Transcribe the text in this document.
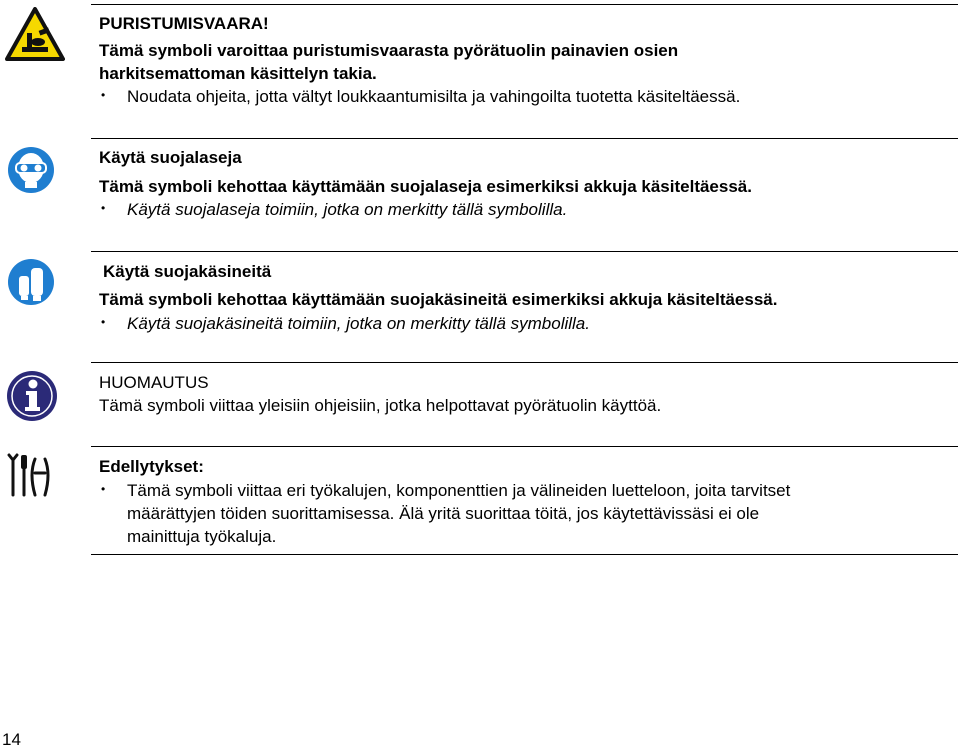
PURISTUMISVAARA!
Tämä symboli varoittaa puristumisvaarasta pyörätuolin painavien osien
harkitsemattoman käsittelyn takia.
• Noudata ohjeita, jotta vältyt loukkaantumisilta ja vahingoilta tuotetta käsiteltäessä.
Käytä suojalaseja
Tämä symboli kehottaa käyttämään suojalaseja esimerkiksi akkuja käsiteltäessä.
• Käytä suojalaseja toimiin, jotka on merkitty tällä symbolilla.
Käytä suojakäsineitä
Tämä symboli kehottaa käyttämään suojakäsineitä esimerkiksi akkuja käsiteltäessä.
• Käytä suojakäsineitä toimiin, jotka on merkitty tällä symbolilla.
HUOMAUTUS
Tämä symboli viittaa yleisiin ohjeisiin, jotka helpottavat pyörätuolin käyttöä.
Edellytykset:
• Tämä symboli viittaa eri työkalujen, komponenttien ja välineiden luetteloon, joita tarvitset
määrättyjen töiden suorittamisessa. Älä yritä suorittaa töitä, jos käytettävissäsi ei ole
mainittuja työkaluja.
14
